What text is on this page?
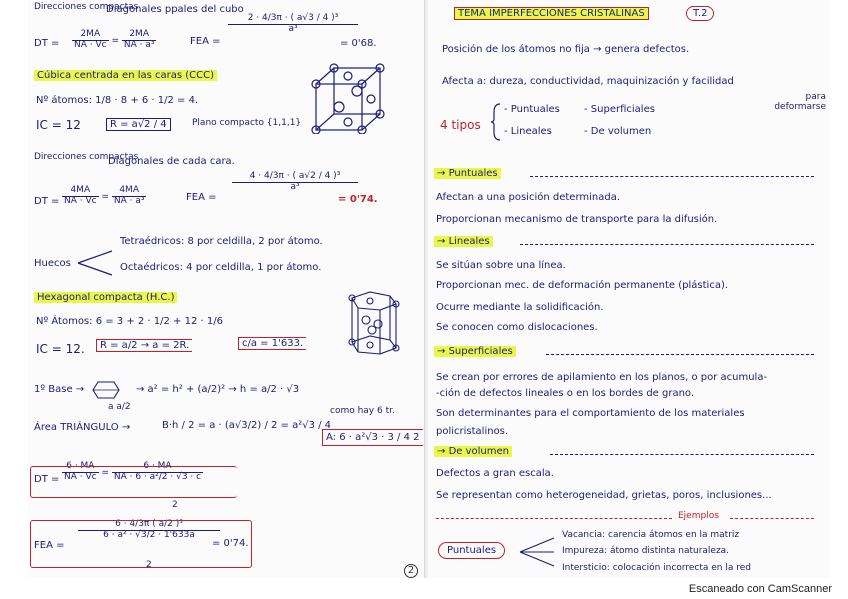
Direcciones compactas
Diagonales ppales del cubo
DT = $\frac{2MA}{NA \cdot Vc} = \frac{2MA}{\text{NA · a³}}$	FEA =
$\frac{\text{2 · 4/3π · ( a√3 / 4 )³}}{\text{a³}}$
= 0'68.
Cúbica centrada en las caras (CCC)
Nº átomos: 1/8 · 8 + 6 · 1/2 = 4.
IC = 12	R = a√2 / 4	Plano compacto {1,1,1}
Direcciones compactas
Diagonales de cada cara.
DT = $\frac{4MA}{NA \cdot Vc} = \frac{4MA}{\text{NA · a³}}$	FEA =
$\frac{\text{4 · 4/3π · ( a√2 / 4 )³}}{\text{a³}}$
= 0'74.
Huecos
Tetraédricos: 8 por celdilla, 2 por átomo.
Octaédricos: 4 por celdilla, 1 por átomo.
Hexagonal compacta (H.C.)
Nº Átomos: 6 = 3 + 2 · 1/2 + 12 · 1/6
IC = 12.	R = a/2 → a = 2R.	c/a = 1'633.
1º Base →
a a/2
→ a² = h² + (a/2)² → h = a/2 · √3
Área TRIÁNGULO →	B·h / 2 = a · (a√3/2) / 2 = a²√3 / 4
como hay 6 tr.
A: 6 · a²√3 · 3 / 4 2
DT = $\frac{6 \cdot MA}{NA \cdot Vc} = \frac{6 \cdot MA}{\text{NA · 6 · a²/2 · √3 · c}}$
2
FEA =
$\frac{\text{6 · 4/3π ( a/2 )³}}{\text{6 · a² · √3/2 · 1'633a}}$
2
= 0'74.
2
TEMA IMPERFECCIONES CRISTALINAS	T.2
Posición de los átomos no fija → genera defectos.
Afecta a: dureza, conductividad, maquinización y facilidad
para deformarse
4 tipos
- Puntuales - Superficiales
- Lineales	- De volumen
→ Puntuales
Afectan a una posición determinada.
Proporcionan mecanismo de transporte para la difusión.
→ Lineales
Se sitúan sobre una línea.
Proporcionan mec. de deformación permanente (plástica).
Ocurre mediante la solidificación.
Se conocen como dislocaciones.
→ Superficiales
Se crean por errores de apilamiento en los planos, o por acumula-
-ción de defectos lineales o en los bordes de grano.
Son determinantes para el comportamiento de los materiales
policristalinos.
→ De volumen
Defectos a gran escala.
Se representan como heterogeneidad, grietas, poros, inclusiones...
Ejemplos
Puntuales
Vacancia: carencia átomos en la matriz
Impureza: átomo distinta naturaleza.
Intersticio: colocación incorrecta en la red
Escaneado con CamScanner
